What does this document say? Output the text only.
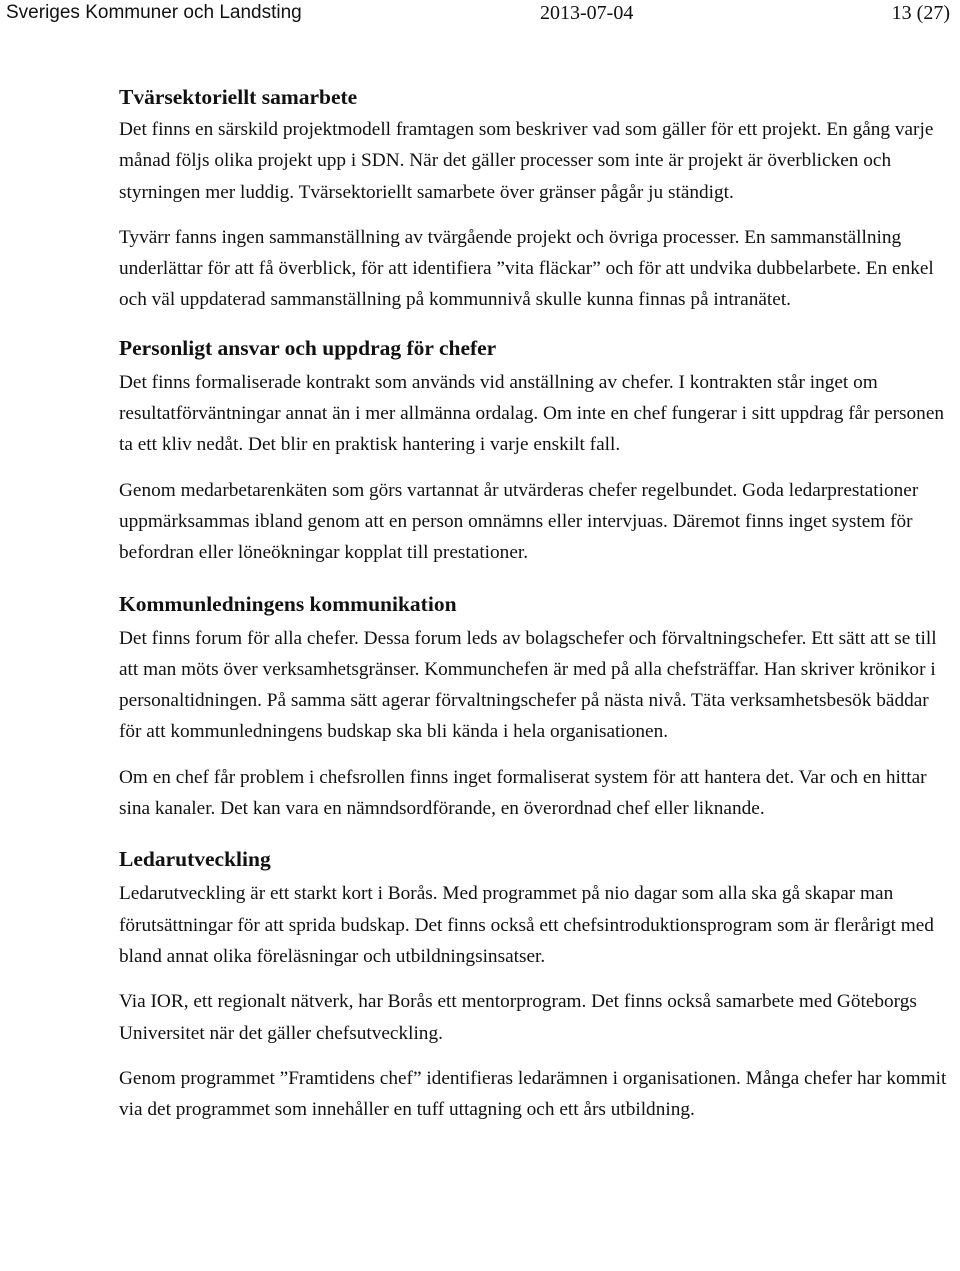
Sveriges Kommuner och Landsting	2013-07-04	13 (27)
Tvärsektoriellt samarbete

Det finns en särskild projektmodell framtagen som beskriver vad som gäller för ett projekt. En gång varje månad följs olika projekt upp i SDN. När det gäller processer som inte är projekt är överblicken och styrningen mer luddig. Tvärsektoriellt samarbete över gränser pågår ju ständigt.

Tyvärr fanns ingen sammanställning av tvärgående projekt och övriga processer. En sammanställning underlättar för att få överblick, för att identifiera ”vita fläckar” och för att undvika dubbelarbete. En enkel och väl uppdaterad sammanställning på kommunnivå skulle kunna finnas på intranätet.

Personligt ansvar och uppdrag för chefer

Det finns formaliserade kontrakt som används vid anställning av chefer. I kontrakten står inget om resultatförväntningar annat än i mer allmänna ordalag. Om inte en chef fungerar i sitt uppdrag får personen ta ett kliv nedåt. Det blir en praktisk hantering i varje enskilt fall.

Genom medarbetarenkäten som görs vartannat år utvärderas chefer regelbundet. Goda ledarprestationer uppmärksammas ibland genom att en person omnämns eller intervjuas. Däremot finns inget system för befordran eller löneökningar kopplat till prestationer.

Kommunledningens kommunikation

Det finns forum för alla chefer. Dessa forum leds av bolagschefer och förvaltningschefer. Ett sätt att se till att man möts över verksamhetsgränser. Kommunchefen är med på alla chefsträffar. Han skriver krönikor i personaltidningen. På samma sätt agerar förvaltningschefer på nästa nivå. Täta verksamhetsbesök bäddar för att kommunledningens budskap ska bli kända i hela organisationen.

Om en chef får problem i chefsrollen finns inget formaliserat system för att hantera det. Var och en hittar sina kanaler. Det kan vara en nämndsordförande, en överordnad chef eller liknande.

Ledarutveckling

Ledarutveckling är ett starkt kort i Borås. Med programmet på nio dagar som alla ska gå skapar man förutsättningar för att sprida budskap. Det finns också ett chefsintroduktionsprogram som är flerårigt med bland annat olika föreläsningar och utbildningsinsatser.

Via IOR, ett regionalt nätverk, har Borås ett mentorprogram. Det finns också samarbete med Göteborgs Universitet när det gäller chefsutveckling.

Genom programmet ”Framtidens chef” identifieras ledarämnen i organisationen. Många chefer har kommit via det programmet som innehåller en tuff uttagning och ett års utbildning.
